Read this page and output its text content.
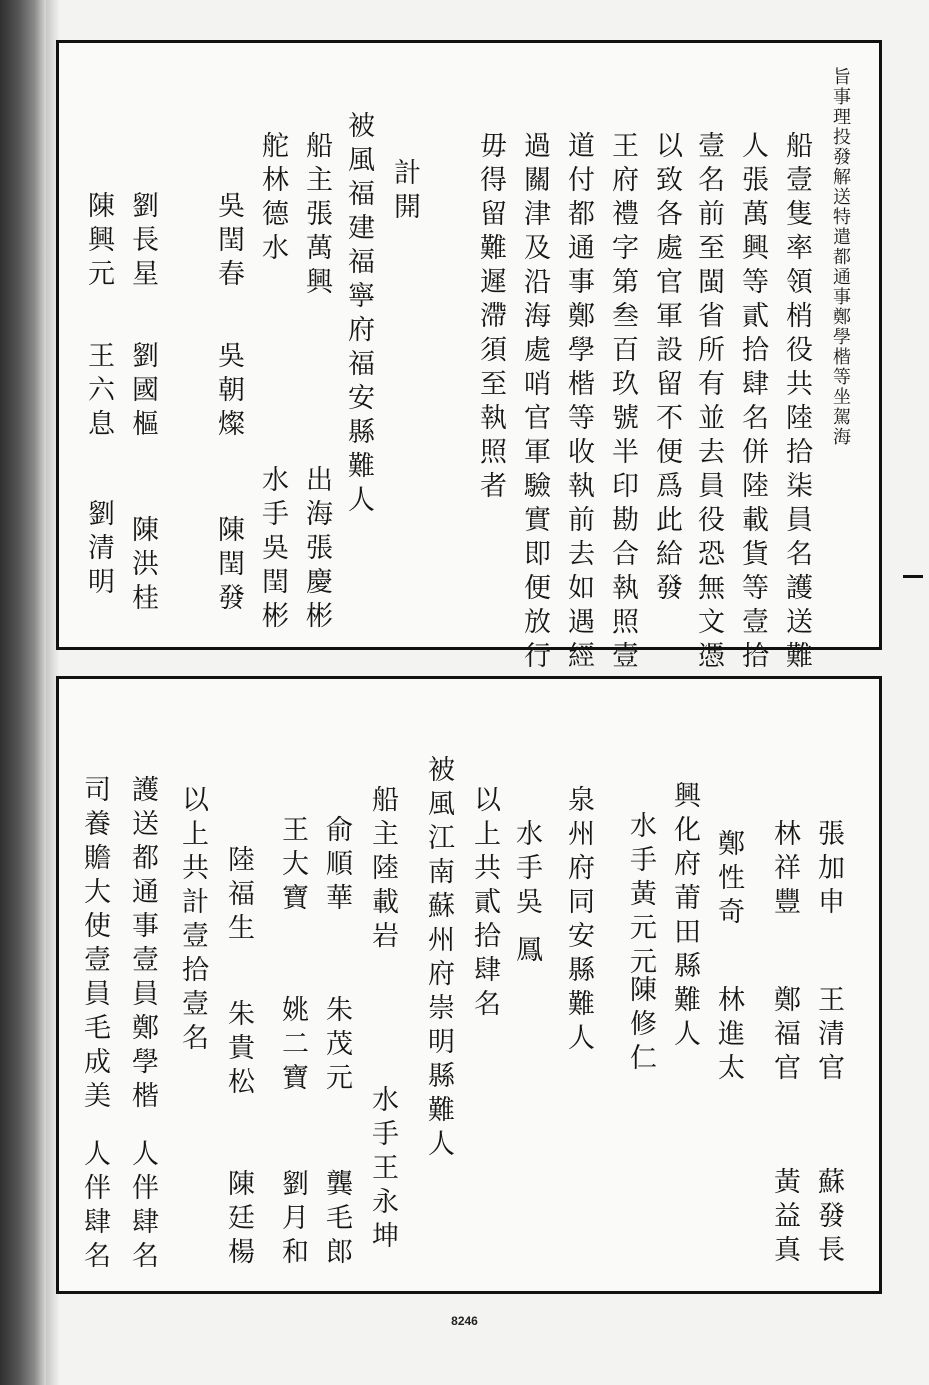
旨事理投發解送特遣都通事鄭學楷等坐駕海
船壹隻率領梢役共陸拾柒員名護送難
人張萬興等貳拾肆名併陸載貨等壹拾
壹名前至閩省所有並去員役恐無文憑
以致各處官軍設留不便爲此給發
王府禮字第叁百玖號半印勘合執照壹
道付都通事鄭學楷等收執前去如遇經
過關津及沿海處哨官軍驗實即便放行
毋得留難遲滯須至執照者
計開
被風福建福寧府福安縣難人
船主張萬興
出海張慶彬
舵林德水
水手吳閏彬
吳閏春
吳朝燦
陳閏發
劉長星
劉國樞
陳洪桂
陳興元
王六息
劉清明
張加申
王清官
蘇發長
林祥豐
鄭福官
黃益真
鄭性奇
林進太
興化府莆田縣難人
水手黃元元
陳修仁
泉州府同安縣難人
水手吳
鳳
以上共貳拾肆名
被風江南蘇州府崇明縣難人
船主陸載岩
水手王永坤
俞順華
朱茂元
龔毛郎
王大寶
姚二寶
劉月和
陸福生
朱貴松
陳廷楊
以上共計壹拾壹名
護送都通事壹員鄭學楷
人伴肆名
司養贍大使壹員毛成美
人伴肆名
8246
